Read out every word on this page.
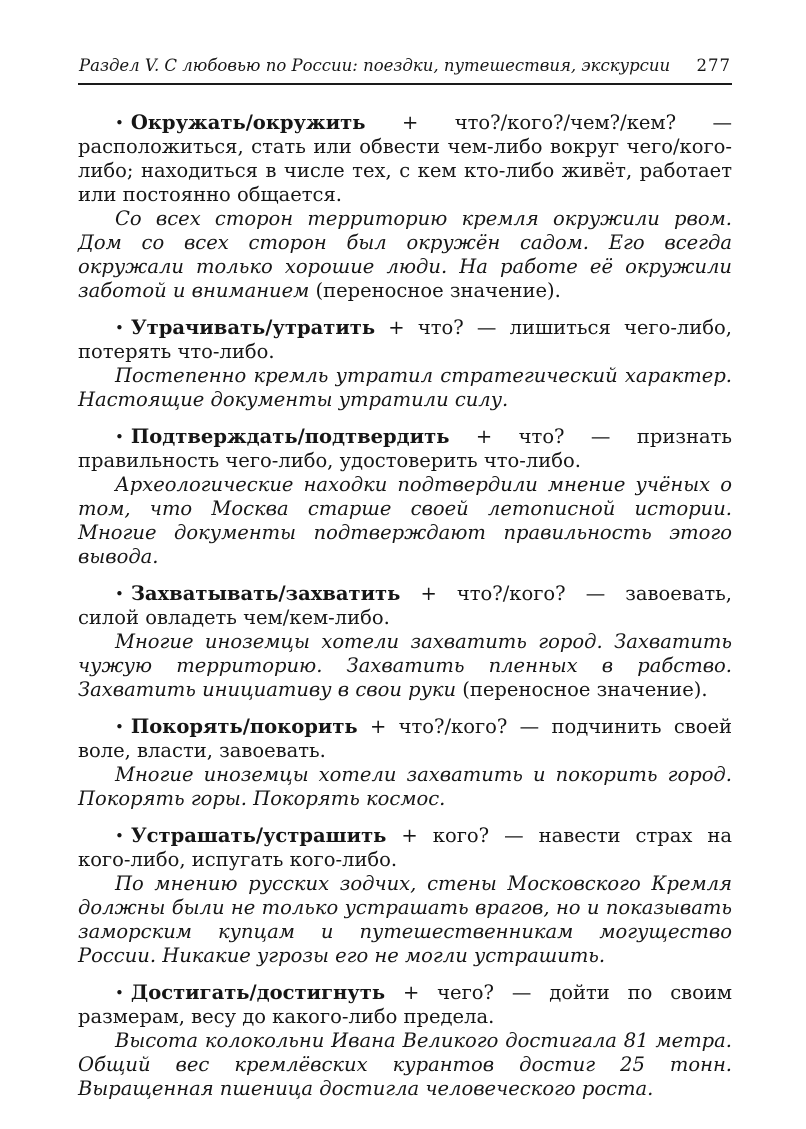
Раздел V. С любовью по России: поездки, путешествия, экскурсии 277

• Окружать/окружить + что?/кого?/чем?/кем? — расположиться, стать или обвести чем-либо вокруг чего/кого-либо; находиться в числе тех, с кем кто-либо живёт, работает или постоянно общается.

Со всех сторон территорию кремля окружили рвом. Дом со всех сторон был окружён садом. Его всегда окружали только хорошие люди. На работе её окружили заботой и вниманием (переносное значение).

• Утрачивать/утратить + что? — лишиться чего-либо, потерять что-либо.

Постепенно кремль утратил стратегический характер. Настоящие документы утратили силу.

• Подтверждать/подтвердить + что? — признать правильность чего-либо, удостоверить что-либо.

Археологические находки подтвердили мнение учёных о том, что Москва старше своей летописной истории. Многие документы подтверждают правильность этого вывода.

• Захватывать/захватить + что?/кого? — завоевать, силой овладеть чем/кем-либо.

Многие иноземцы хотели захватить город. Захватить чужую территорию. Захватить пленных в рабство. Захватить инициативу в свои руки (переносное значение).

• Покорять/покорить + что?/кого? — подчинить своей воле, власти, завоевать.

Многие иноземцы хотели захватить и покорить город. Покорять горы. Покорять космос.

• Устрашать/устрашить + кого? — навести страх на кого-либо, испугать кого-либо.

По мнению русских зодчих, стены Московского Кремля должны были не только устрашать врагов, но и показывать заморским купцам и путешественникам могущество России. Никакие угрозы его не могли устрашить.

• Достигать/достигнуть + чего? — дойти по своим размерам, весу до какого-либо предела.

Высота колокольни Ивана Великого достигала 81 метра. Общий вес кремлёвских курантов достиг 25 тонн. Выращенная пшеница достигла человеческого роста.
